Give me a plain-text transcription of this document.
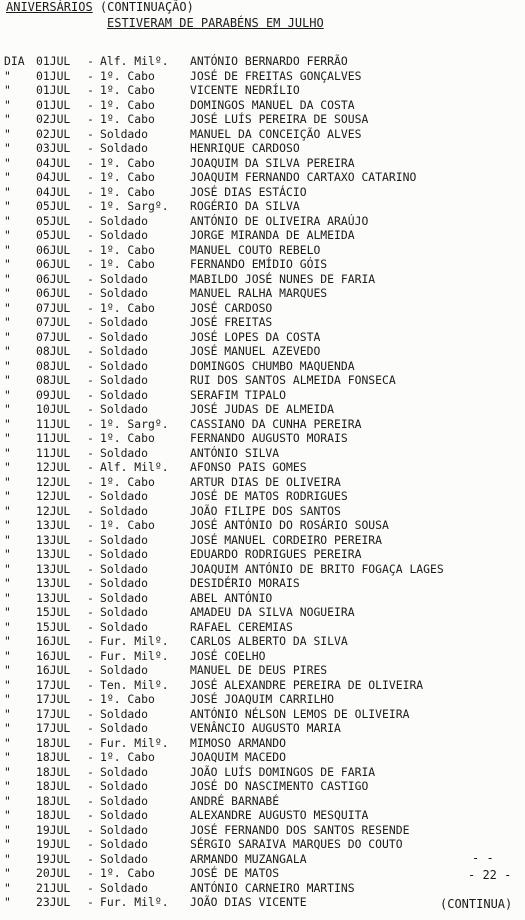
ANIVERSÁRIOS (CONTINUAÇÃO)
ESTIVERAM DE PARABÉNS EM JULHO
DIA	01JUL - Alf. Milº. ANTÓNIO BERNARDO FERRÃO
"	01JUL - 1º. Cabo	JOSÉ DE FREITAS GONÇALVES
"	01JUL - 1º. Cabo	VICENTE NEDRÍLIO
"	01JUL - 1º. Cabo	DOMINGOS MANUEL DA COSTA
"	02JUL - 1º. Cabo	JOSÉ LUÍS PEREIRA DE SOUSA
"	02JUL - Soldado	MANUEL DA CONCEIÇÃO ALVES
"	03JUL - Soldado	HENRIQUE CARDOSO
"	04JUL - 1º. Cabo	JOAQUIM DA SILVA PEREIRA
"	04JUL - 1º. Cabo	JOAQUIM FERNANDO CARTAXO CATARINO
"	04JUL - 1º. Cabo	JOSÉ DIAS ESTÁCIO
"	05JUL - 1º. Sargº. ROGÉRIO DA SILVA
"	05JUL - Soldado	ANTÓNIO DE OLIVEIRA ARAÚJO
"	05JUL - Soldado	JORGE MIRANDA DE ALMEIDA
"	06JUL - 1º. Cabo	MANUEL COUTO REBELO
"	06JUL - 1º. Cabo	FERNANDO EMÍDIO GÓIS
"	06JUL - Soldado	MABILDO JOSÉ NUNES DE FARIA
"	06JUL - Soldado	MANUEL RALHA MARQUES
"	07JUL - 1º. Cabo	JOSÉ CARDOSO
"	07JUL - Soldado	JOSÉ FREITAS
"	07JUL - Soldado	JOSÉ LOPES DA COSTA
"	08JUL - Soldado	JOSÉ MANUEL AZEVEDO
"	08JUL - Soldado	DOMINGOS CHUMBO MAQUENDA
"	08JUL - Soldado	RUI DOS SANTOS ALMEIDA FONSECA
"	09JUL - Soldado	SERAFIM TIPALO
"	10JUL - Soldado	JOSÉ JUDAS DE ALMEIDA
"	11JUL - 1º. Sargº. CASSIANO DA CUNHA PEREIRA
"	11JUL - 1º. Cabo	FERNANDO AUGUSTO MORAIS
"	11JUL - Soldado	ANTÓNIO SILVA
"	12JUL - Alf. Milº. AFONSO PAIS GOMES
"	12JUL - 1º. Cabo	ARTUR DIAS DE OLIVEIRA
"	12JUL - Soldado	JOSÉ DE MATOS RODRIGUES
"	12JUL - Soldado	JOÃO FILIPE DOS SANTOS
"	13JUL - 1º. Cabo	JOSÉ ANTÓNIO DO ROSÁRIO SOUSA
"	13JUL - Soldado	JOSÉ MANUEL CORDEIRO PEREIRA
"	13JUL - Soldado	EDUARDO RODRIGUES PEREIRA
"	13JUL - Soldado	JOAQUIM ANTÓNIO DE BRITO FOGAÇA LAGES
"	13JUL - Soldado	DESIDÉRIO MORAIS
"	13JUL - Soldado	ABEL ANTÓNIO
"	15JUL - Soldado	AMADEU DA SILVA NOGUEIRA
"	15JUL - Soldado	RAFAEL CEREMIAS
"	16JUL - Fur. Milº. CARLOS ALBERTO DA SILVA
"	16JUL - Fur. Milº. JOSÉ COELHO
"	16JUL - Soldado	MANUEL DE DEUS PIRES
"	17JUL - Ten. Milº. JOSÉ ALEXANDRE PEREIRA DE OLIVEIRA
"	17JUL - 1º. Cabo	JOSÉ JOAQUIM CARRILHO
"	17JUL - Soldado	ANTÓNIO NÉLSON LEMOS DE OLIVEIRA
"	17JUL - Soldado	VENÂNCIO AUGUSTO MARIA
"	18JUL - Fur. Milº. MIMOSO ARMANDO
"	18JUL - 1º. Cabo	JOAQUIM MACEDO
"	18JUL - Soldado	JOÃO LUÍS DOMINGOS DE FARIA
"	18JUL - Soldado	JOSÉ DO NASCIMENTO CASTIGO
"	18JUL - Soldado	ANDRÉ BARNABÉ
"	18JUL - Soldado	ALEXANDRE AUGUSTO MESQUITA
"	19JUL - Soldado	JOSÉ FERNANDO DOS SANTOS RESENDE
"	19JUL - Soldado	SÉRGIO SARAIVA MARQUES DO COUTO
"	19JUL - Soldado	ARMANDO MUZANGALA
"	20JUL - 1º. Cabo	JOSÉ DE MATOS
"	21JUL - Soldado	ANTÓNIO CARNEIRO MARTINS
"	23JUL - Fur. Milº. JOÃO DIAS VICENTE
- -
- 22 -
(CONTINUA)
